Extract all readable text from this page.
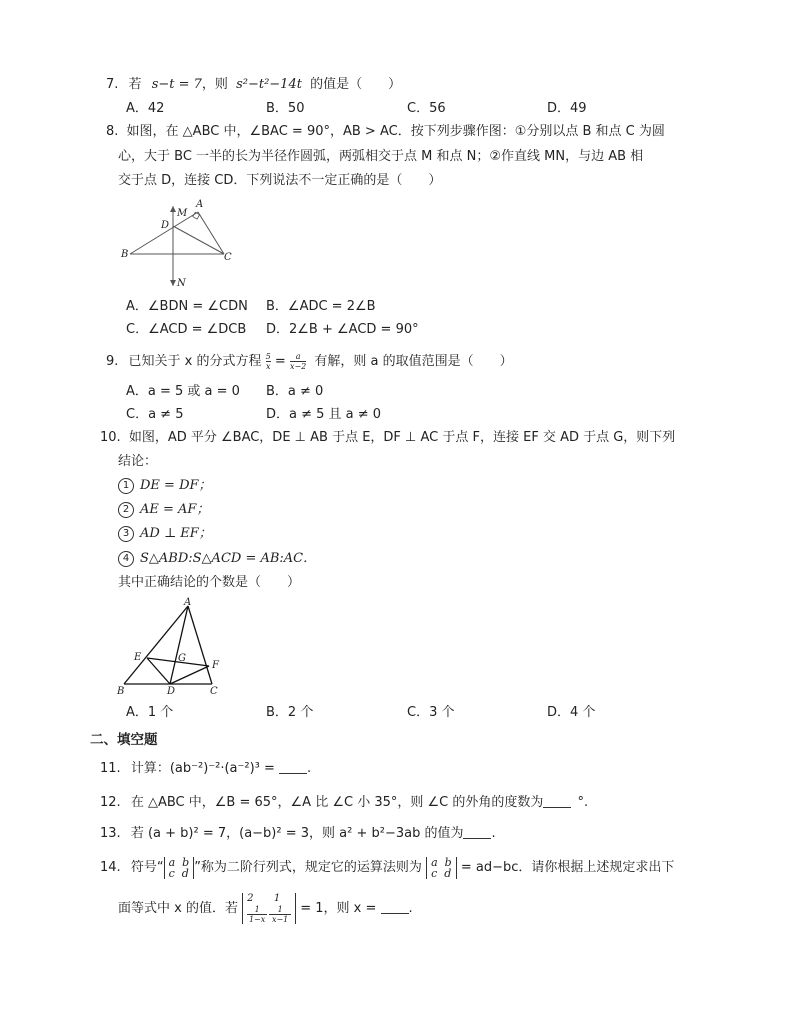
7. 若 s−t = 7，则 s²−t²−14t 的值是（　　）
A．42	B．50	C．56	D．49
8. 如图，在 △ABC 中，∠BAC = 90°，AB > AC．按下列步骤作图：①分别以点 B 和点 C 为圆
心，大于 BC 一半的长为半径作圆弧，两弧相交于点 M 和点 N；②作直线 MN，与边 AB 相
交于点 D，连接 CD．下列说法不一定正确的是（　　）
M
A
D
B	C
N
A．∠BDN = ∠CDN B．∠ADC = 2∠B
C．∠ACD = ∠DCB D．2∠B + ∠ACD = 90°
9. 已知关于 x 的分式方程 $\frac{5}{x} = \frac{a}{x-2}$ 有解，则 a 的取值范围是（　　）
A．a = 5 或 a = 0 B．a ≠ 0
C．a ≠ 5	D．a ≠ 5 且 a ≠ 0
10. 如图，AD 平分 ∠BAC，DE ⊥ AB 于点 E，DF ⊥ AC 于点 F，连接 EF 交 AD 于点 G，则下列
结论：
1 DE = DF；
2 AE = AF；
3 AD ⊥ EF；
4 S△ABD:S△ACD = AB:AC．
其中正确结论的个数是（　　）
A
E	G
F
B	D	C
A．1 个	B．2 个	C．3 个	D．4 个
二、填空题
11. 计算：(ab⁻²)⁻²·(a⁻²)³ = .
12. 在 △ABC 中，∠B = 65°，∠A 比 ∠C 小 35°，则 ∠C 的外角的度数为	°.
13. 若 (a + b)² = 7，(a−b)² = 3，则 a² + b²−3ab 的值为 .
14. 符号“ a b
c d ”称为二阶行列式，规定它的运算法则为 a b
c d = ad−bc．请你根据上述规定求出下
面等式中 x 的值．若 2 1

$\frac{1}{1-x} \frac{1}{x-1} = 1$，则 x = .
